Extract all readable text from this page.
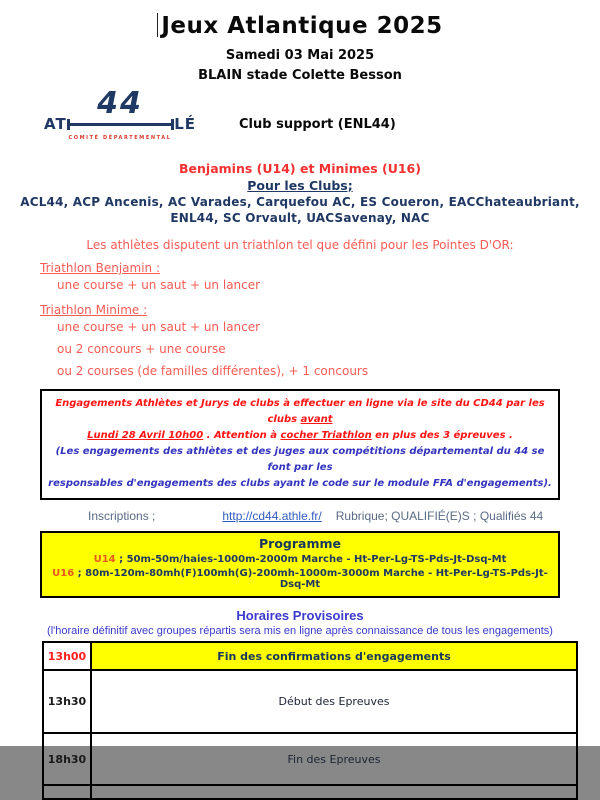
Jeux Atlantique 2025
Samedi 03 Mai 2025
BLAIN stade Colette Besson
44
AT	LÉ
COMITÉ DÉPARTEMENTAL
Club support (ENL44)
Benjamins (U14) et Minimes (U16)
Pour les Clubs;
ACL44, ACP Ancenis, AC Varades, Carquefou AC, ES Coueron, EACChateaubriant,
ENL44, SC Orvault, UACSavenay, NAC
Les athlètes disputent un triathlon tel que défini pour les Pointes D'OR:
Triathlon Benjamin :
une course + un saut + un lancer
Triathlon Minime :
une course + un saut + un lancer
ou 2 concours + une course
ou 2 courses (de familles différentes), + 1 concours
Engagements Athlètes et Jurys de clubs à effectuer en ligne via le site du CD44 par les clubs avant
Lundi 28 Avril 10h00 . Attention à cocher Triathlon en plus des 3 épreuves .
(Les engagements des athlètes et des juges aux compétitions départemental du 44 se font par les
responsables d'engagements des clubs ayant le code sur le module FFA d'engagements).
Inscriptions ;	http://cd44.athle.fr/ Rubrique; QUALIFIÉ(E)S ; Qualifiés 44
Programme
U14 ; 50m-50m/haies-1000m-2000m Marche - Ht-Per-Lg-TS-Pds-Jt-Dsq-Mt
U16 ; 80m-120m-80mh(F)100mh(G)-200mh-1000m-3000m Marche - Ht-Per-Lg-TS-Pds-Jt-Dsq-Mt
Horaires Provisoires
(l'horaire définitif avec groupes répartis sera mis en ligne après connaissance de tous les engagements)
13h00	Fin des confirmations d'engagements
13h30	Début des Epreuves
18h30	Fin des Epreuves
